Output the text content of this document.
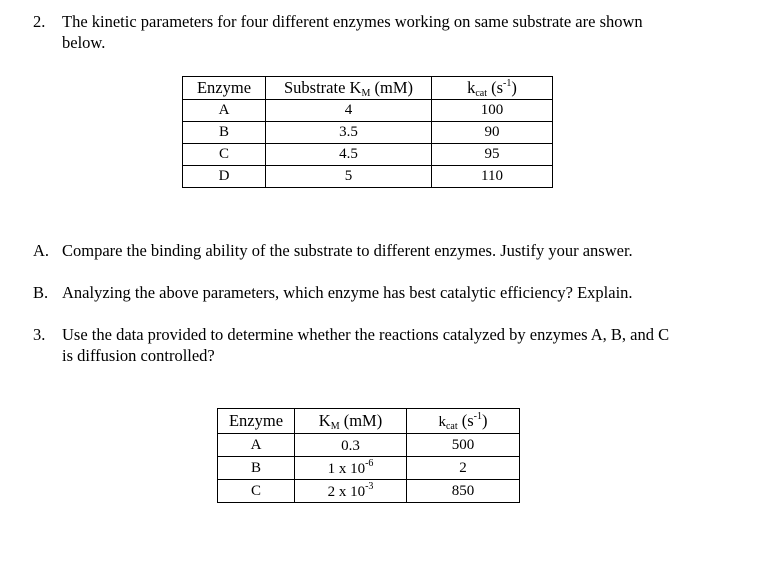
2. The kinetic parameters for four different enzymes working on same substrate are shown
below.
Enzyme	Substrate $K_M$ (mM)	$k_{cat}$ $(s^{-1})$
A	4	100
B	3.5	90
C	4.5	95
D	5	110
A. Compare the binding ability of the substrate to different enzymes. Justify your answer.
B. Analyzing the above parameters, which enzyme has best catalytic efficiency? Explain.
3. Use the data provided to determine whether the reactions catalyzed by enzymes A, B, and C
is diffusion controlled?
Enzyme	$K_M$ (mM)	$k_{cat}$ $(s^{-1})$
A	0.3	500
B	1 x $10^{-6}$	2
C	2 x $10^{-3}$	850
